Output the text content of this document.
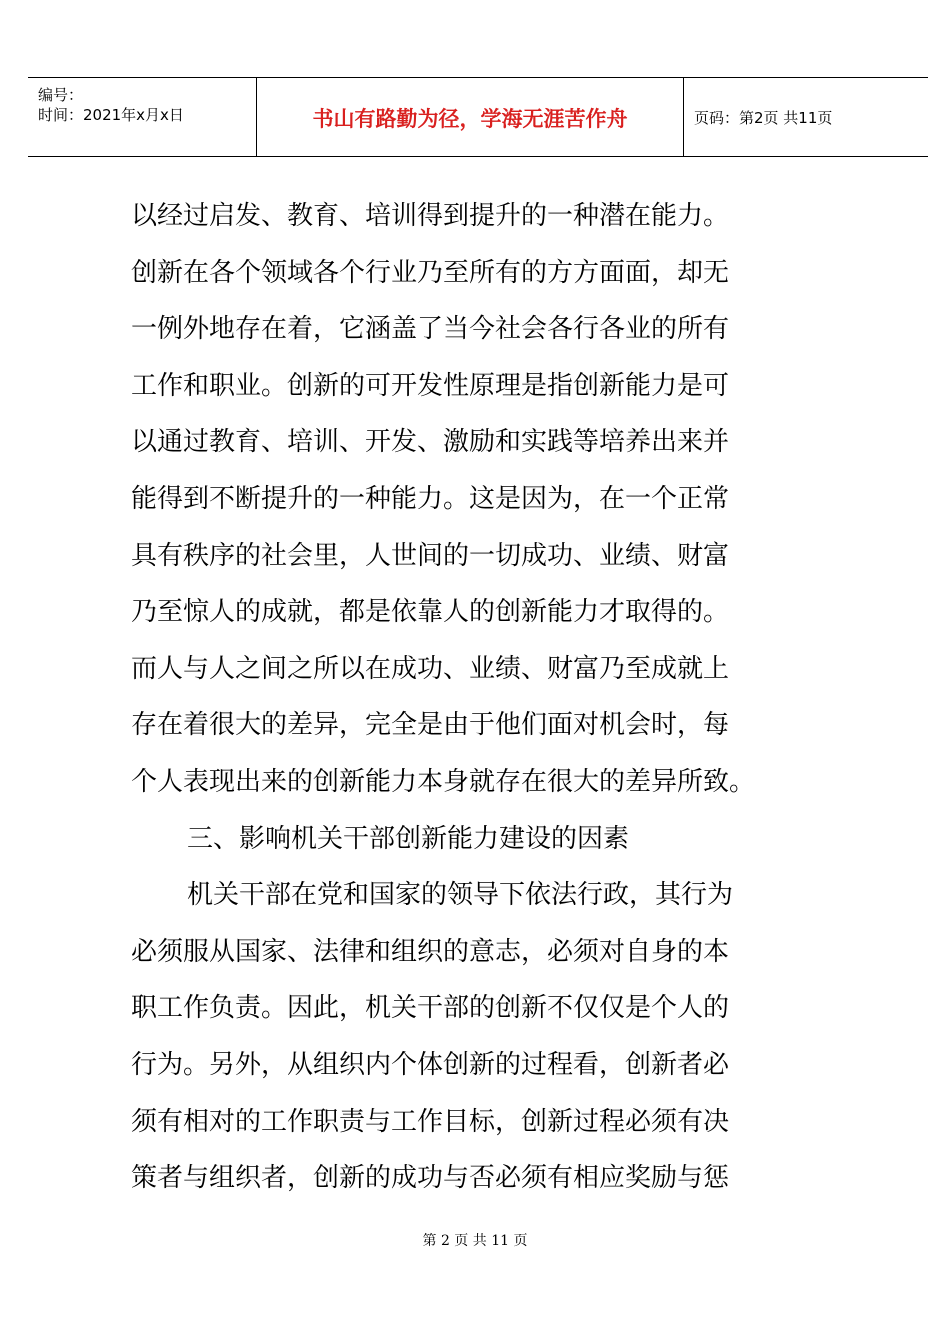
编号：
时间：2021年x月x日	书山有路勤为径，学海无涯苦作舟	页码：第2页 共11页
以经过启发、教育、培训得到提升的一种潜在能力。
创新在各个领域各个行业乃至所有的方方面面，却无
一例外地存在着，它涵盖了当今社会各行各业的所有
工作和职业。创新的可开发性原理是指创新能力是可
以通过教育、培训、开发、激励和实践等培养出来并
能得到不断提升的一种能力。这是因为，在一个正常
具有秩序的社会里，人世间的一切成功、业绩、财富
乃至惊人的成就，都是依靠人的创新能力才取得的。
而人与人之间之所以在成功、业绩、财富乃至成就上
存在着很大的差异，完全是由于他们面对机会时，每
个人表现出来的创新能力本身就存在很大的差异所致。
三、影响机关干部创新能力建设的因素
机关干部在党和国家的领导下依法行政，其行为
必须服从国家、法律和组织的意志，必须对自身的本
职工作负责。因此，机关干部的创新不仅仅是个人的
行为。另外，从组织内个体创新的过程看，创新者必
须有相对的工作职责与工作目标，创新过程必须有决
策者与组织者，创新的成功与否必须有相应奖励与惩
第 2 页 共 11 页
